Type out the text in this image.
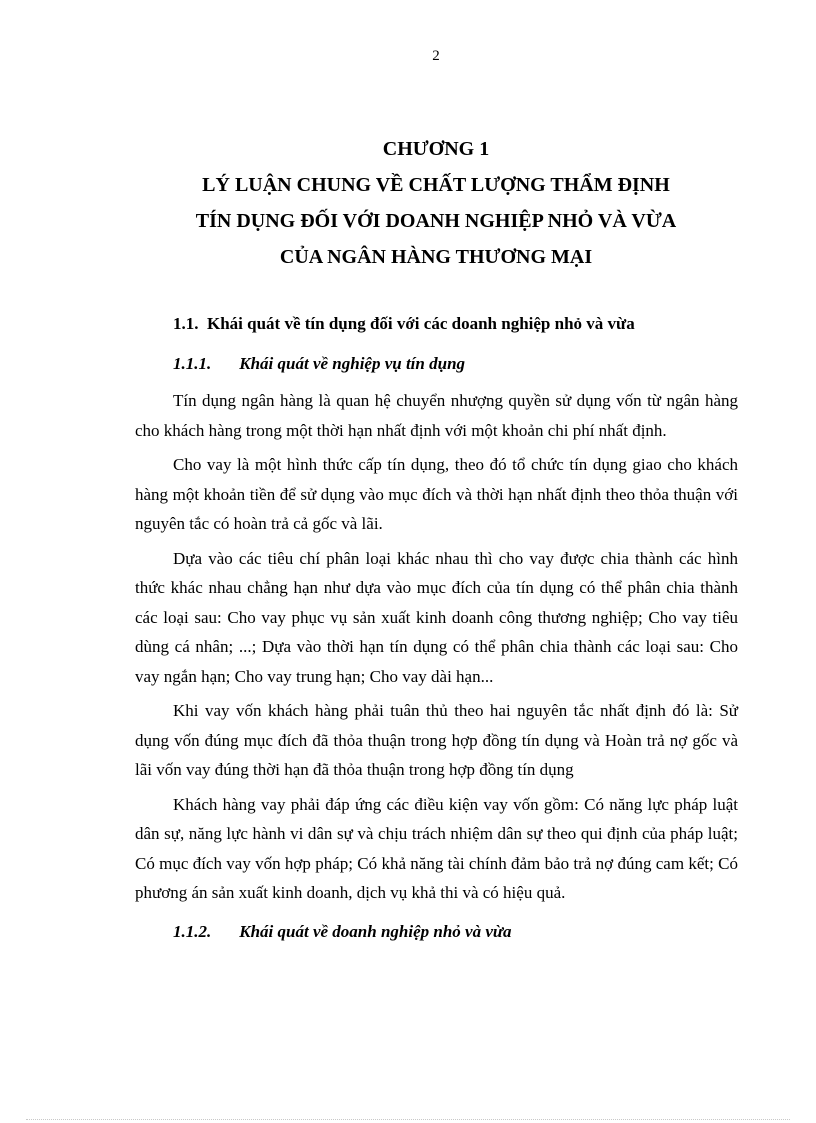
2
CHƯƠNG 1
LÝ LUẬN CHUNG VỀ CHẤT LƯỢNG THẨM ĐỊNH
TÍN DỤNG ĐỐI VỚI DOANH NGHIỆP NHỎ VÀ VỪA
CỦA NGÂN HÀNG THƯƠNG MẠI
1.1. Khái quát về tín dụng đối với các doanh nghiệp nhỏ và vừa
1.1.1. Khái quát về nghiệp vụ tín dụng

Tín dụng ngân hàng là quan hệ chuyển nhượng quyền sử dụng vốn từ ngân hàng cho khách hàng trong một thời hạn nhất định với một khoản chi phí nhất định.

Cho vay là một hình thức cấp tín dụng, theo đó tổ chức tín dụng giao cho khách hàng một khoản tiền để sử dụng vào mục đích và thời hạn nhất định theo thỏa thuận với nguyên tắc có hoàn trả cả gốc và lãi.

Dựa vào các tiêu chí phân loại khác nhau thì cho vay được chia thành các hình thức khác nhau chẳng hạn như dựa vào mục đích của tín dụng có thể phân chia thành các loại sau: Cho vay phục vụ sản xuất kinh doanh công thương nghiệp; Cho vay tiêu dùng cá nhân; ...; Dựa vào thời hạn tín dụng có thể phân chia thành các loại sau: Cho vay ngắn hạn; Cho vay trung hạn; Cho vay dài hạn...

Khi vay vốn khách hàng phải tuân thủ theo hai nguyên tắc nhất định đó là: Sử dụng vốn đúng mục đích đã thỏa thuận trong hợp đồng tín dụng và Hoàn trả nợ gốc và lãi vốn vay đúng thời hạn đã thỏa thuận trong hợp đồng tín dụng

Khách hàng vay phải đáp ứng các điều kiện vay vốn gồm: Có năng lực pháp luật dân sự, năng lực hành vi dân sự và chịu trách nhiệm dân sự theo qui định của pháp luật; Có mục đích vay vốn hợp pháp; Có khả năng tài chính đảm bảo trả nợ đúng cam kết; Có phương án sản xuất kinh doanh, dịch vụ khả thi và có hiệu quả.

1.1.2. Khái quát về doanh nghiệp nhỏ và vừa
